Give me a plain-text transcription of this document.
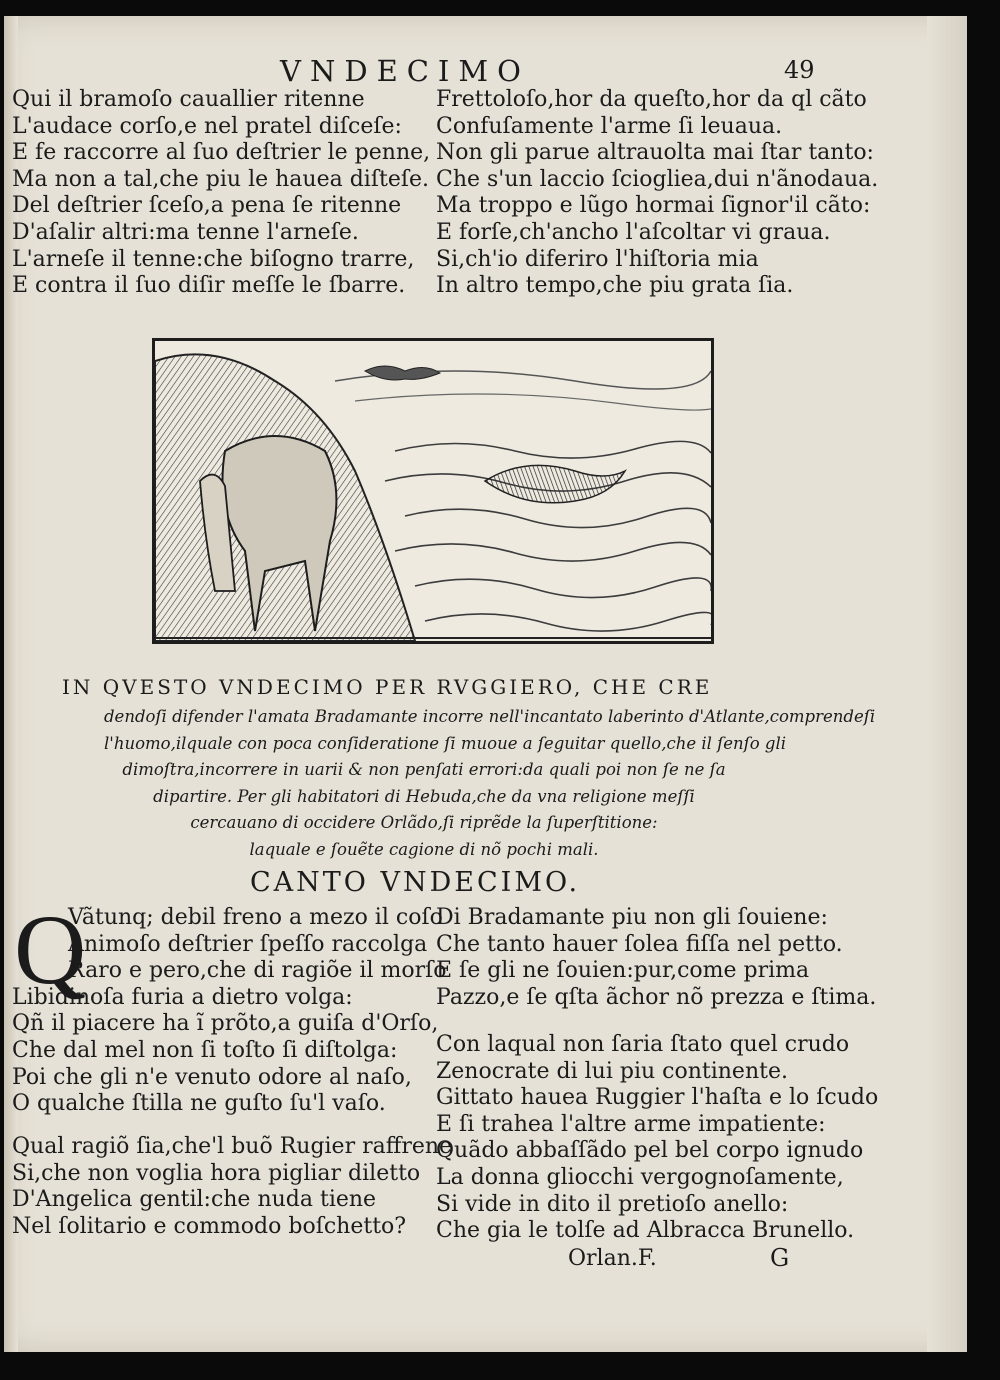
VNDECIMO	49

Qui il bramoſo cauallier ritenne
L'audace corſo,e nel pratel diſceſe:
E fe raccorre al ſuo deſtrier le penne,
Ma non a tal,che piu le haueа diſteſe.
Del deſtrier ſceſo,a pena ſe ritenne
D'aſalir altri:ma tenne l'arneſe.
L'arneſe il tenne:che biſogno trarre,
E contra il ſuo diſir meſſe le ſbarre.
Frettoloſo,hor da queſto,hor da ql cãto
Confuſamente l'arme ſi leuaua.
Non gli parue altrauolta mai ſtar tanto:
Che s'un laccio ſcioglieа,dui n'ãnodaua.
Ma troppo e lũgo hormai ſignor'il cãto:
E forſe,ch'ancho l'aſcoltar vi graua.
Si,ch'io diferiro l'hiſtoria mia
In altro tempo,che piu grata ſia.
IN QVESTO VNDECIMO PER RVGGIERO, CHE CRE
dendoſi difender l'amata Bradamante incorre nell'incantato laberinto d'Atlante,comprendeſi
l'huomo,ilquale con poca conſideratione ſi muoue a ſeguitar quello,che il ſenſo gli
dimoſtra,incorrere in uarii & non penſati errori:da quali poi non ſe ne ſa
dipartire. Per gli habitatori di Hebuda,che da vna religione meſſi
cercauano di occidere Orlãdo,ſi riprẽde la ſuperſtitione:
laquale e ſouẽte cagione di nõ pochi mali.
CANTO VNDECIMO.
Q
Vãtunq; debil freno a mezo il coſo
Animoſo deſtrier ſpeſſo raccolga
Raro e pero,che di ragiõe il morſo
Libidinoſa furia a dietro volga:
Qñ il piacere ha ĩ prõto,a guiſa d'Orſo,
Che dal mel non ſi toſto ſi diſtolga:
Poi che gli n'e venuto odore al naſo,
O qualche ſtilla ne guſto ſu'l vaſo.
Qual ragiõ ſia,che'l buõ Rugier raffrene
Si,che non voglia hora pigliar diletto
D'Angelica gentil:che nuda tiene
Nel ſolitario e commodo boſchetto?
Di Bradamante piu non gli ſouiene:
Che tanto hauer ſolea fiſſa nel petto.
E ſe gli ne ſouien:pur,come prima
Pazzo,e ſe qſta ãchor nõ prezza e ſtima.
Con laqual non ſaria ſtato quel crudo
Zenocrate di lui piu continente.
Gittato haueа Ruggier l'haſta e lo ſcudo
E ſi trahea l'altre arme impatiente:
Quãdo abbaſſãdo pel bel corpo ignudo
La donna gliocchi vergognoſamente,
Si vide in dito il pretioſo anello:
Che gia le tolſe ad Albracca Brunello.

Orlan.F.	G
